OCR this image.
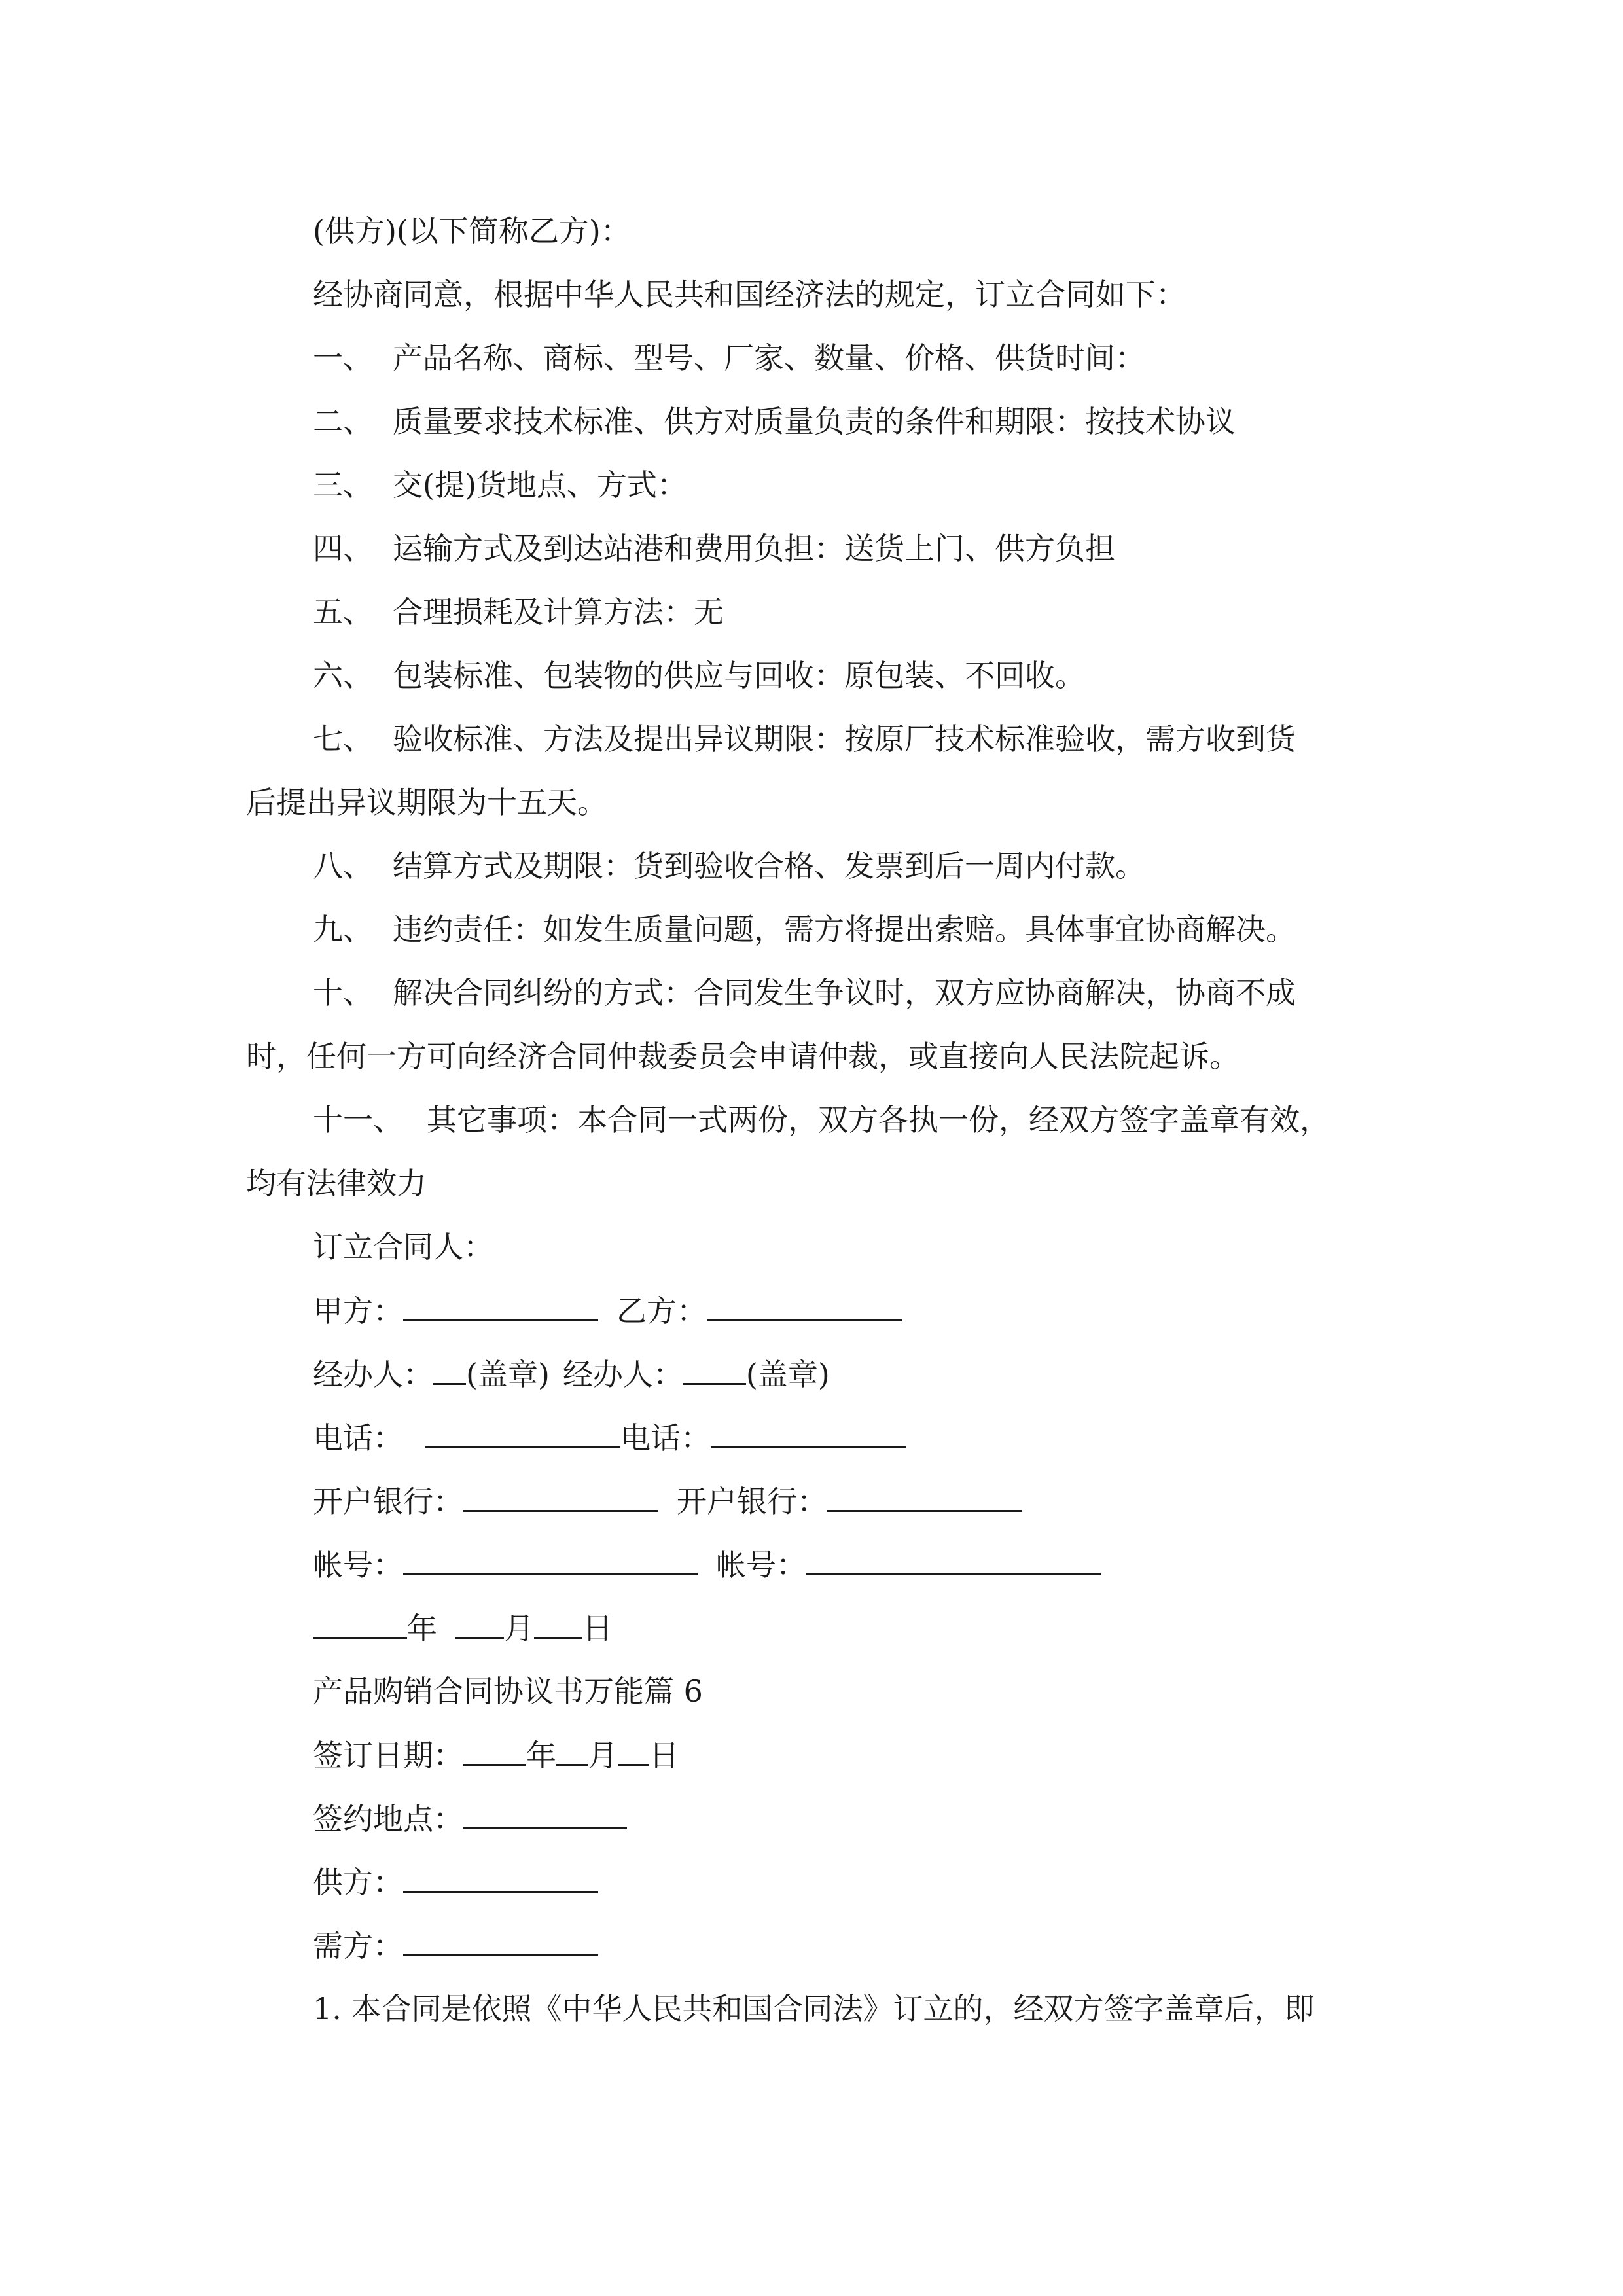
(供方)(以下简称乙方)：
经协商同意，根据中华人民共和国经济法的规定，订立合同如下：
一、 产品名称、商标、型号、厂家、数量、价格、供货时间：
二、 质量要求技术标准、供方对质量负责的条件和期限：按技术协议
三、 交(提)货地点、方式：
四、 运输方式及到达站港和费用负担：送货上门、供方负担
五、 合理损耗及计算方法：无
六、 包装标准、包装物的供应与回收：原包装、不回收。
七、 验收标准、方法及提出异议期限：按原厂技术标准验收，需方收到货
后提出异议期限为十五天。
八、 结算方式及期限：货到验收合格、发票到后一周内付款。
九、 违约责任：如发生质量问题，需方将提出索赔。具体事宜协商解决。
十、 解决合同纠纷的方式：合同发生争议时，双方应协商解决，协商不成
时，任何一方可向经济合同仲裁委员会申请仲裁，或直接向人民法院起诉。
十一、 其它事项：本合同一式两份，双方各执一份，经双方签字盖章有效，
均有法律效力
订立合同人：
甲方：	乙方：
经办人： (盖章) 经办人： (盖章)
电话：	电话：
开户银行：	开户银行：
帐号：	帐号：
年 月 日
产品购销合同协议书万能篇 6
签订日期： 年 月 日
签约地点：
供方：
需方：
1. 本合同是依照《中华人民共和国合同法》订立的，经双方签字盖章后，即
